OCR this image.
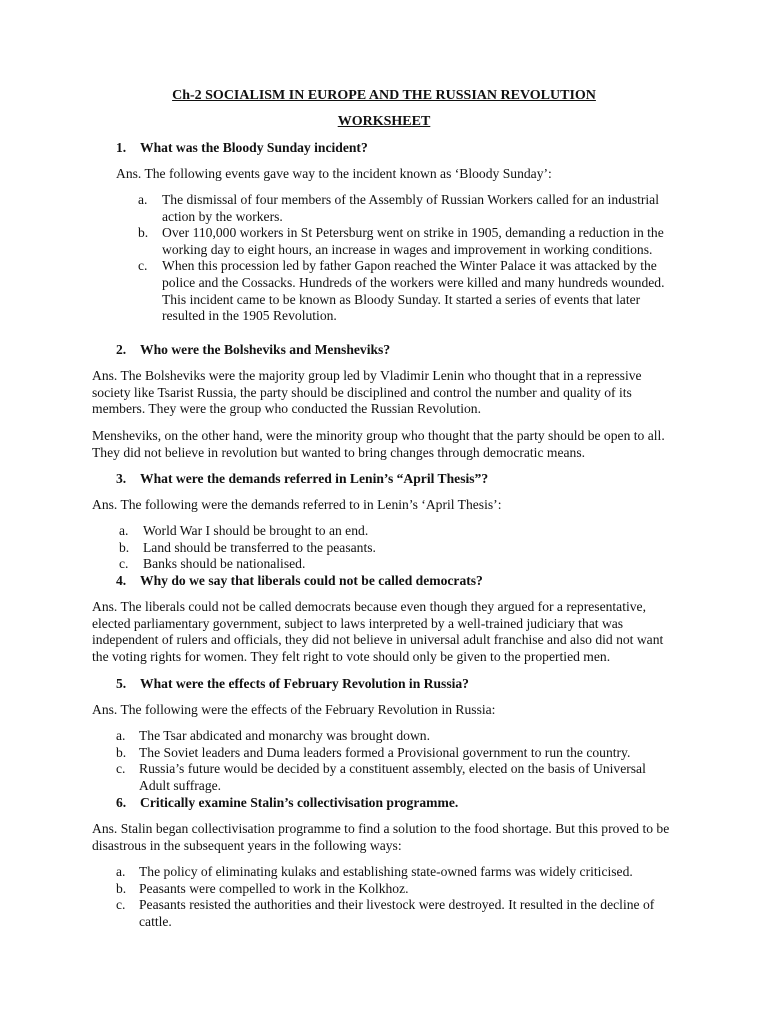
Ch-2 SOCIALISM IN EUROPE AND THE RUSSIAN REVOLUTION
WORKSHEET
1. What was the Bloody Sunday incident?
Ans. The following events gave way to the incident known as ‘Bloody Sunday’:
a. The dismissal of four members of the Assembly of Russian Workers called for an industrial action by the workers.
b. Over 110,000 workers in St Petersburg went on strike in 1905, demanding a reduction in the working day to eight hours, an increase in wages and improvement in working conditions.
c. When this procession led by father Gapon reached the Winter Palace it was attacked by the police and the Cossacks. Hundreds of the workers were killed and many hundreds wounded. This incident came to be known as Bloody Sunday. It started a series of events that later resulted in the 1905 Revolution.
2. Who were the Bolsheviks and Mensheviks?
Ans. The Bolsheviks were the majority group led by Vladimir Lenin who thought that in a repressive society like Tsarist Russia, the party should be disciplined and control the number and quality of its members. They were the group who conducted the Russian Revolution.
Mensheviks, on the other hand, were the minority group who thought that the party should be open to all. They did not believe in revolution but wanted to bring changes through democratic means.
3. What were the demands referred in Lenin’s “April Thesis”?
Ans. The following were the demands referred to in Lenin’s ‘April Thesis’:
a. World War I should be brought to an end.
b. Land should be transferred to the peasants.
c. Banks should be nationalised.
4. Why do we say that liberals could not be called democrats?
Ans. The liberals could not be called democrats because even though they argued for a representative, elected parliamentary government, subject to laws interpreted by a well-trained judiciary that was independent of rulers and officials, they did not believe in universal adult franchise and also did not want the voting rights for women. They felt right to vote should only be given to the propertied men.
5. What were the effects of February Revolution in Russia?
Ans. The following were the effects of the February Revolution in Russia:
a. The Tsar abdicated and monarchy was brought down.
b. The Soviet leaders and Duma leaders formed a Provisional government to run the country.
c. Russia’s future would be decided by a constituent assembly, elected on the basis of Universal Adult suffrage.
6. Critically examine Stalin’s collectivisation programme.
Ans. Stalin began collectivisation programme to find a solution to the food shortage. But this proved to be disastrous in the subsequent years in the following ways:
a. The policy of eliminating kulaks and establishing state-owned farms was widely criticised.
b. Peasants were compelled to work in the Kolkhoz.
c. Peasants resisted the authorities and their livestock were destroyed. It resulted in the decline of cattle.
